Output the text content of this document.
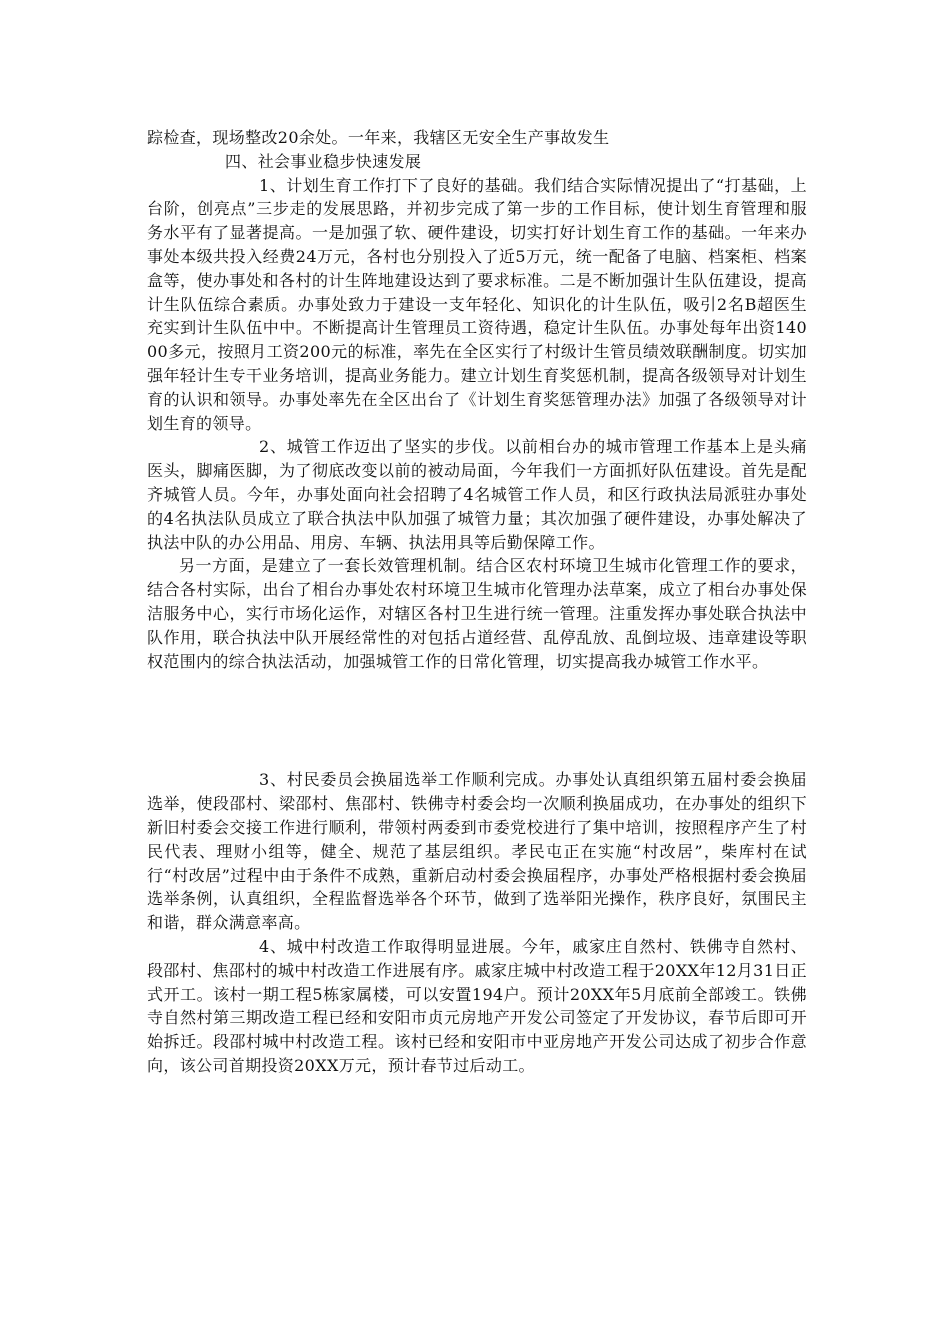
踪检查，现场整改20余处。一年来，我辖区无安全生产事故发生

四、社会事业稳步快速发展

1、计划生育工作打下了良好的基础。我们结合实际情况提出了“打基础，上台阶，创亮点”三步走的发展思路，并初步完成了第一步的工作目标，使计划生育管理和服务水平有了显著提高。一是加强了软、硬件建设，切实打好计划生育工作的基础。一年来办事处本级共投入经费24万元，各村也分别投入了近5万元，统一配备了电脑、档案柜、档案盒等，使办事处和各村的计生阵地建设达到了要求标准。二是不断加强计生队伍建设，提高计生队伍综合素质。办事处致力于建设一支年轻化、知识化的计生队伍，吸引2名B超医生充实到计生队伍中中。不断提高计生管理员工资待遇，稳定计生队伍。办事处每年出资14000多元，按照月工资200元的标准，率先在全区实行了村级计生管员绩效联酬制度。切实加强年轻计生专干业务培训，提高业务能力。建立计划生育奖惩机制，提高各级领导对计划生育的认识和领导。办事处率先在全区出台了《计划生育奖惩管理办法》加强了各级领导对计划生育的领导。

2、城管工作迈出了坚实的步伐。以前相台办的城市管理工作基本上是头痛医头，脚痛医脚，为了彻底改变以前的被动局面，今年我们一方面抓好队伍建设。首先是配齐城管人员。今年，办事处面向社会招聘了4名城管工作人员，和区行政执法局派驻办事处的4名执法队员成立了联合执法中队加强了城管力量；其次加强了硬件建设，办事处解决了执法中队的办公用品、用房、车辆、执法用具等后勤保障工作。

另一方面，是建立了一套长效管理机制。结合区农村环境卫生城市化管理工作的要求，结合各村实际，出台了相台办事处农村环境卫生城市化管理办法草案，成立了相台办事处保洁服务中心，实行市场化运作，对辖区各村卫生进行统一管理。注重发挥办事处联合执法中队作用，联合执法中队开展经常性的对包括占道经营、乱停乱放、乱倒垃圾、违章建设等职权范围内的综合执法活动，加强城管工作的日常化管理，切实提高我办城管工作水平。

3、村民委员会换届选举工作顺利完成。办事处认真组织第五届村委会换届选举，使段邵村、梁邵村、焦邵村、铁佛寺村委会均一次顺利换届成功，在办事处的组织下新旧村委会交接工作进行顺利，带领村两委到市委党校进行了集中培训，按照程序产生了村民代表、理财小组等，健全、规范了基层组织。孝民屯正在实施“村改居”，柴库村在试行“村改居”过程中由于条件不成熟，重新启动村委会换届程序，办事处严格根据村委会换届选举条例，认真组织，全程监督选举各个环节，做到了选举阳光操作，秩序良好，氛围民主和谐，群众满意率高。

4、城中村改造工作取得明显进展。今年，戚家庄自然村、铁佛寺自然村、段邵村、焦邵村的城中村改造工作进展有序。戚家庄城中村改造工程于20XX年12月31日正式开工。该村一期工程5栋家属楼，可以安置194户。预计20XX年5月底前全部竣工。铁佛寺自然村第三期改造工程已经和安阳市贞元房地产开发公司签定了开发协议，春节后即可开始拆迁。段邵村城中村改造工程。该村已经和安阳市中亚房地产开发公司达成了初步合作意向，该公司首期投资20XX万元，预计春节过后动工。
